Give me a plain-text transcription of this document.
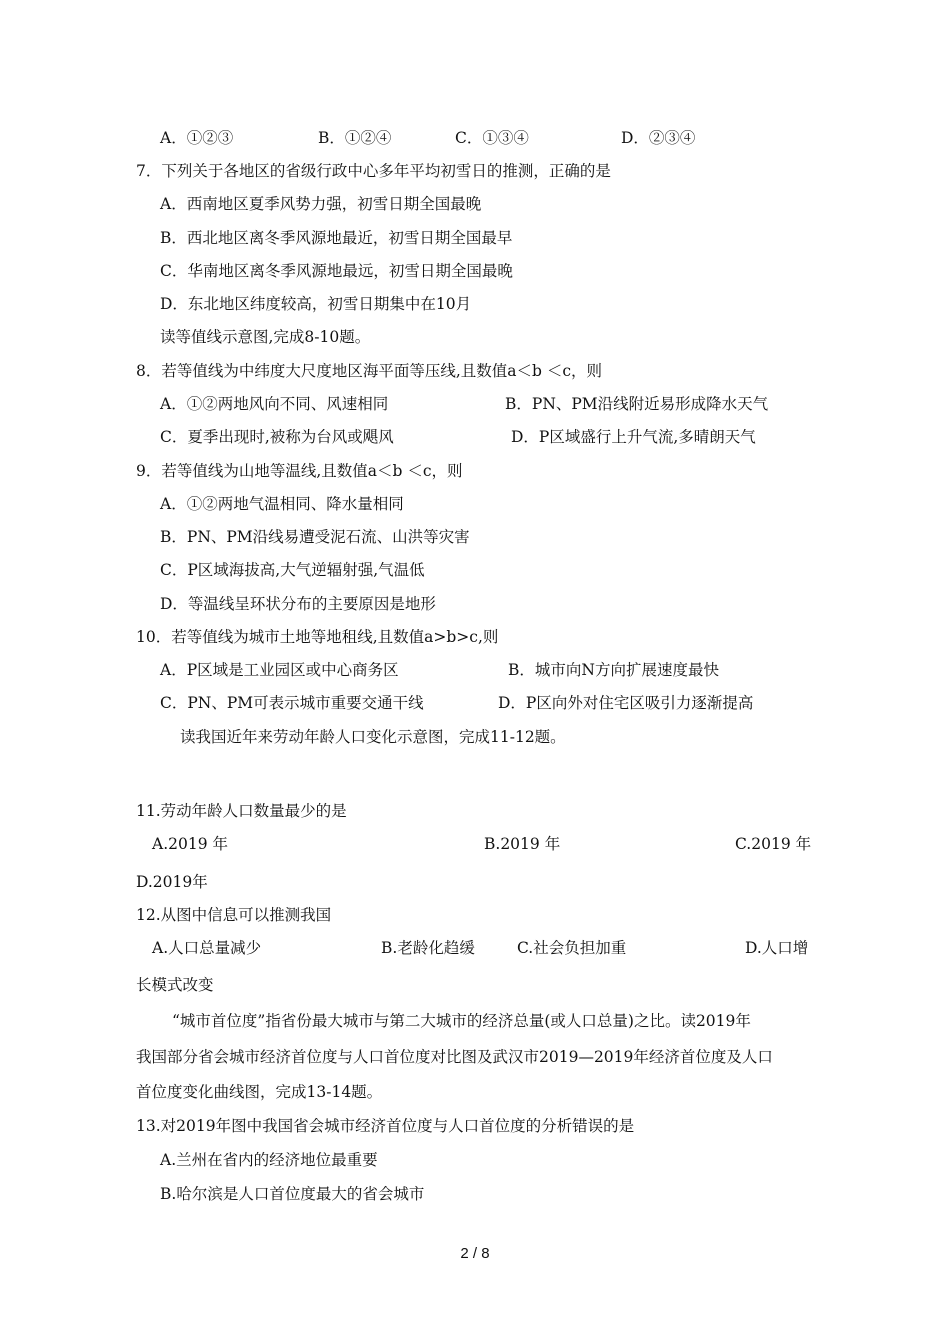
A．①②③	B．①②④	C．①③④	D．②③④
7．下列关于各地区的省级行政中心多年平均初雪日的推测，正确的是
A．西南地区夏季风势力强，初雪日期全国最晚
B．西北地区离冬季风源地最近，初雪日期全国最早
C．华南地区离冬季风源地最远，初雪日期全国最晚
D．东北地区纬度较高，初雪日期集中在10月
读等值线示意图,完成8-10题。
8．若等值线为中纬度大尺度地区海平面等压线,且数值a＜b ＜c，则
A．①②两地风向不同、风速相同	B．PN、PM沿线附近易形成降水天气
C．夏季出现时,被称为台风或飓风	D．P区域盛行上升气流,多晴朗天气
9．若等值线为山地等温线,且数值a＜b ＜c，则
A．①②两地气温相同、降水量相同
B．PN、PM沿线易遭受泥石流、山洪等灾害
C．P区域海拔高,大气逆辐射强,气温低
D．等温线呈环状分布的主要原因是地形
10．若等值线为城市土地等地租线,且数值a>b>c,则
A．P区域是工业园区或中心商务区	B．城市向N方向扩展速度最快
C．PN、PM可表示城市重要交通干线	D．P区向外对住宅区吸引力逐渐提高
读我国近年来劳动年龄人口变化示意图，完成11-12题。
11.劳动年龄人口数量最少的是
A.2019 年	B.2019 年	C.2019 年
D.2019年
12.从图中信息可以推测我国
A.人口总量减少	B.老龄化趋缓	C.社会负担加重	D.人口增
长模式改变
“城市首位度”指省份最大城市与第二大城市的经济总量(或人口总量)之比。读2019年
我国部分省会城市经济首位度与人口首位度对比图及武汉市2019—2019年经济首位度及人口
首位度变化曲线图，完成13-14题。
13.对2019年图中我国省会城市经济首位度与人口首位度的分析错误的是
A.兰州在省内的经济地位最重要
B.哈尔滨是人口首位度最大的省会城市
2 / 8
